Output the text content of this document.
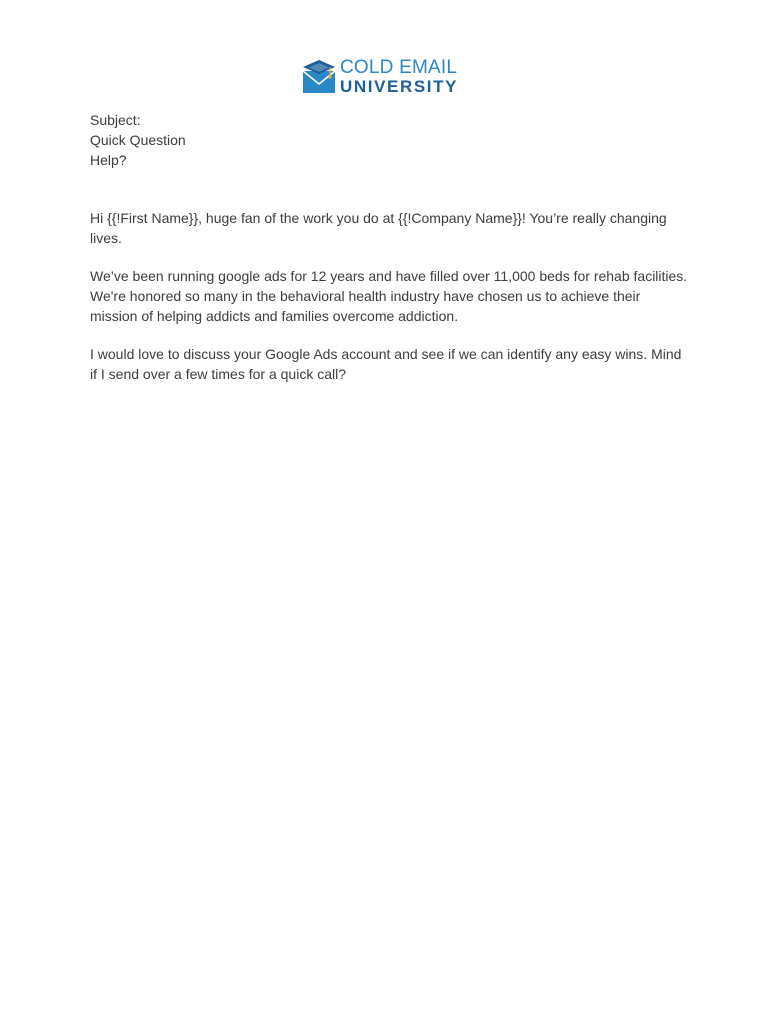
COLD EMAIL
UNIVERSITY

Subject:

Quick Question

Help?

Hi {{!First Name}}, huge fan of the work you do at {{!Company Name}}! You’re really changing lives.

We’ve been running google ads for 12 years and have filled over 11,000 beds for rehab facilities. We're honored so many in the behavioral health industry have chosen us to achieve their mission of helping addicts and families overcome addiction.

I would love to discuss your Google Ads account and see if we can identify any easy wins. Mind if I send over a few times for a quick call?
